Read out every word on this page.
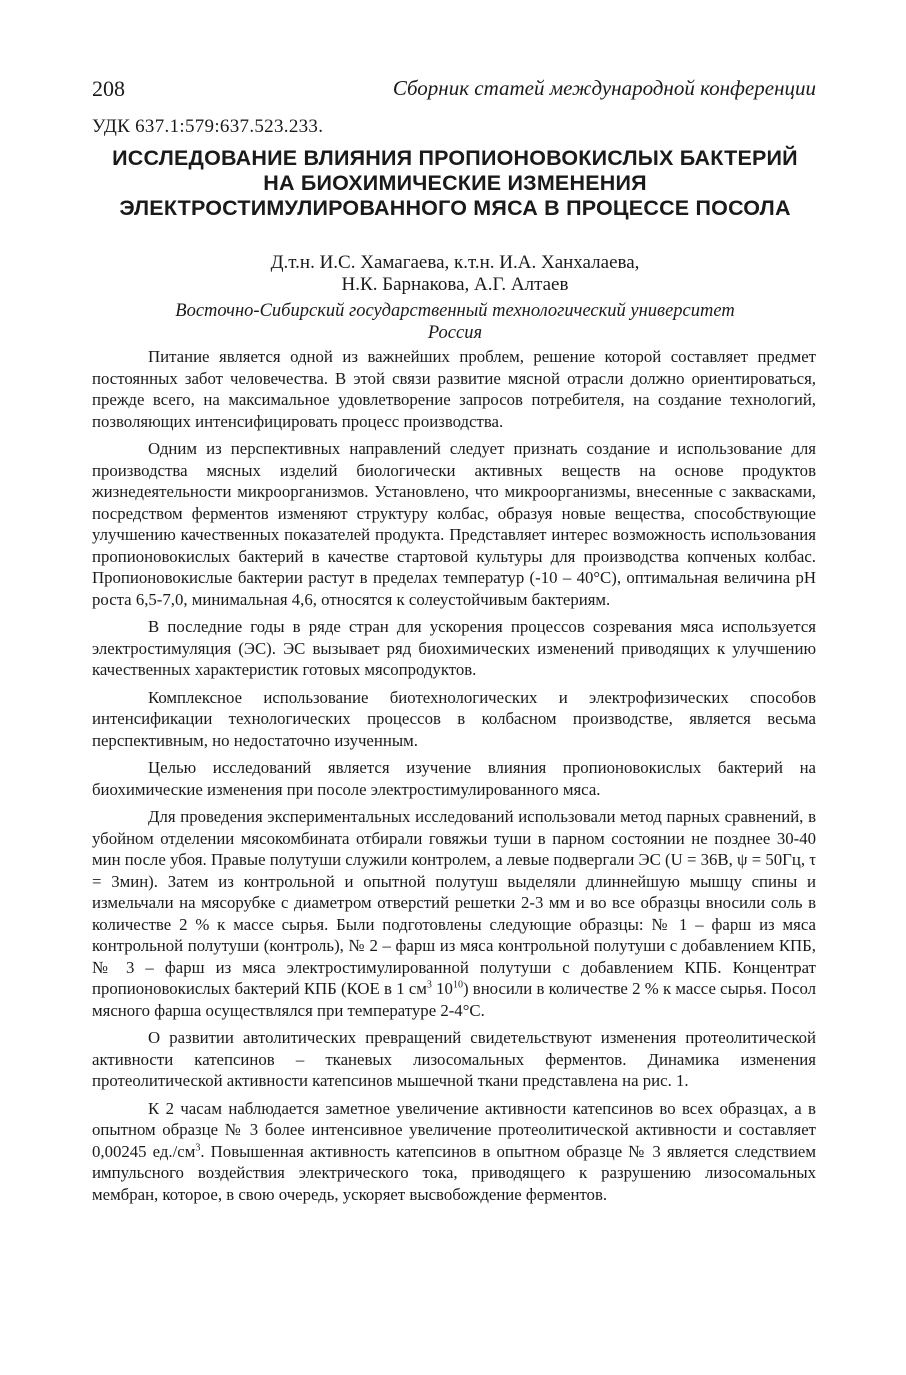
208	Сборник статей международной конференции
УДК 637.1:579:637.523.233.
ИССЛЕДОВАНИЕ ВЛИЯНИЯ ПРОПИОНОВОКИСЛЫХ БАКТЕРИЙ НА БИОХИМИЧЕСКИЕ ИЗМЕНЕНИЯ ЭЛЕКТРОСТИМУЛИРОВАННОГО МЯСА В ПРОЦЕССЕ ПОСОЛА
Д.т.н. И.С. Хамагаева, к.т.н. И.А. Ханхалаева,
Н.К. Барнакова, А.Г. Алтаев
Восточно-Сибирский государственный технологический университет
Россия

Питание является одной из важнейших проблем, решение которой составляет предмет постоянных забот человечества. В этой связи развитие мясной отрасли должно ориентироваться, прежде всего, на максимальное удовлетворение запросов потребителя, на создание технологий, позволяющих интенсифицировать процесс производства.

Одним из перспективных направлений следует признать создание и использование для производства мясных изделий биологически активных веществ на основе продуктов жизнедеятельности микроорганизмов. Установлено, что микроорганизмы, внесенные с заквасками, посредством ферментов изменяют структуру колбас, образуя новые вещества, способствующие улучшению качественных показателей продукта. Представляет интерес возможность использования пропионовокислых бактерий в качестве стартовой культуры для производства копченых колбас. Пропионовокислые бактерии растут в пределах температур (-10 – 40°С), оптимальная величина pH роста 6,5-7,0, минимальная 4,6, относятся к солеустойчивым бактериям.

В последние годы в ряде стран для ускорения процессов созревания мяса используется электростимуляция (ЭС). ЭС вызывает ряд биохимических изменений приводящих к улучшению качественных характеристик готовых мясопродуктов.

Комплексное использование биотехнологических и электрофизических способов интенсификации технологических процессов в колбасном производстве, является весьма перспективным, но недостаточно изученным.

Целью исследований является изучение влияния пропионовокислых бактерий на биохимические изменения при посоле электростимулированного мяса.

Для проведения экспериментальных исследований использовали метод парных сравнений, в убойном отделении мясокомбината отбирали говяжьи туши в парном состоянии не позднее 30-40 мин после убоя. Правые полутуши служили контролем, а левые подвергали ЭС (U = 36В, ψ = 50Гц, τ = 3мин). Затем из контрольной и опытной полутуш выделяли длиннейшую мышцу спины и измельчали на мясорубке с диаметром отверстий решетки 2-3 мм и во все образцы вносили соль в количестве 2 % к массе сырья. Были подготовлены следующие образцы: № 1 – фарш из мяса контрольной полутуши (контроль), № 2 – фарш из мяса контрольной полутуши с добавлением КПБ, № 3 – фарш из мяса электростимулированной полутуши с добавлением КПБ. Концентрат пропионовокислых бактерий КПБ (КОЕ в 1 $см^3$ $10^{10}$) вносили в количестве 2 % к массе сырья. Посол мясного фарша осуществлялся при температуре 2-4°С.

О развитии автолитических превращений свидетельствуют изменения протеолитической активности катепсинов – тканевых лизосомальных ферментов. Динамика изменения протеолитической активности катепсинов мышечной ткани представлена на рис. 1.

К 2 часам наблюдается заметное увеличение активности катепсинов во всех образцах, а в опытном образце № 3 более интенсивное увеличение протеолитической активности и составляет 0,00245 $ед./см^3$. Повышенная активность катепсинов в опытном образце № 3 является следствием импульсного воздействия электрического тока, приводящего к разрушению лизосомальных мембран, которое, в свою очередь, ускоряет высвобождение ферментов.
